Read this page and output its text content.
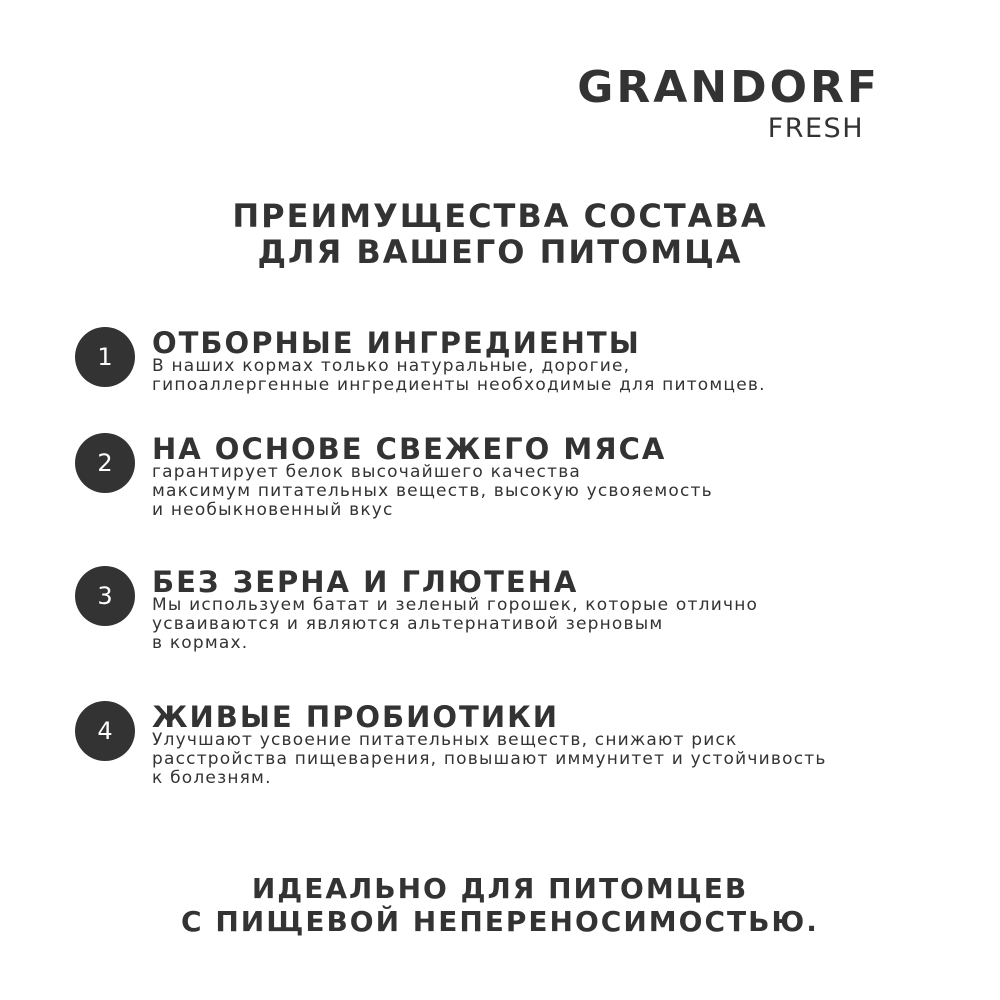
GRANDORF
FRESH
ПРЕИМУЩЕСТВА СОСТАВА
ДЛЯ ВАШЕГО ПИТОМЦА
1	ОТБОРНЫЕ ИНГРЕДИЕНТЫ
В наших кормах только натуральные, дорогие,
гипоаллергенные ингредиенты необходимые для питомцев.
2	НА ОСНОВЕ СВЕЖЕГО МЯСА
гарантирует белок высочайшего качества
максимум питательных веществ, высокую усвояемость
и необыкновенный вкус
3	БЕЗ ЗЕРНА И ГЛЮТЕНА
Мы используем батат и зеленый горошек, которые отлично
усваиваются и являются альтернативой зерновым
в кормах.
4	ЖИВЫЕ ПРОБИОТИКИ
Улучшают усвоение питательных веществ, снижают риск
расстройства пищеварения, повышают иммунитет и устойчивость
к болезням.
ИДЕАЛЬНО ДЛЯ ПИТОМЦЕВ
С ПИЩЕВОЙ НЕПЕРЕНОСИМОСТЬЮ.
